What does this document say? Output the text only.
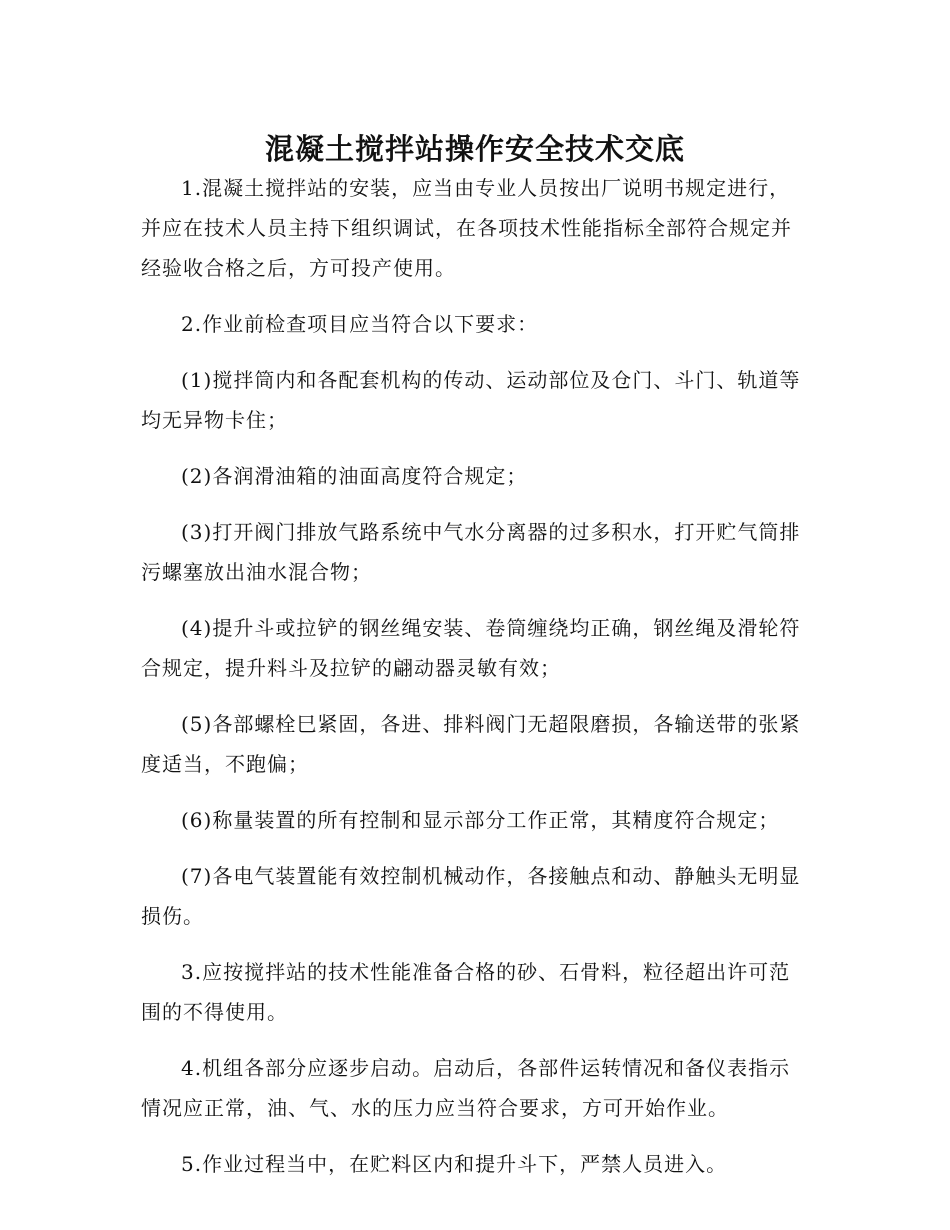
混凝土搅拌站操作安全技术交底

1.混凝土搅拌站的安装，应当由专业人员按出厂说明书规定进行，并应在技术人员主持下组织调试，在各项技术性能指标全部符合规定并经验收合格之后，方可投产使用。

2.作业前检查项目应当符合以下要求：

(1)搅拌筒内和各配套机构的传动、运动部位及仓门、斗门、轨道等均无异物卡住；

(2)各润滑油箱的油面高度符合规定；

(3)打开阀门排放气路系统中气水分离器的过多积水，打开贮气筒排污螺塞放出油水混合物；

(4)提升斗或拉铲的钢丝绳安装、卷筒缠绕均正确，钢丝绳及滑轮符合规定，提升料斗及拉铲的翩动器灵敏有效；

(5)各部螺栓巳紧固，各进、排料阀门无超限磨损，各输送带的张紧度适当，不跑偏；

(6)称量装置的所有控制和显示部分工作正常，其精度符合规定；

(7)各电气装置能有效控制机械动作，各接触点和动、静触头无明显损伤。

3.应按搅拌站的技术性能准备合格的砂、石骨料，粒径超出许可范围的不得使用。

4.机组各部分应逐步启动。启动后，各部件运转情况和备仪表指示情况应正常，油、气、水的压力应当符合要求，方可开始作业。

5.作业过程当中，在贮料区内和提升斗下，严禁人员进入。
